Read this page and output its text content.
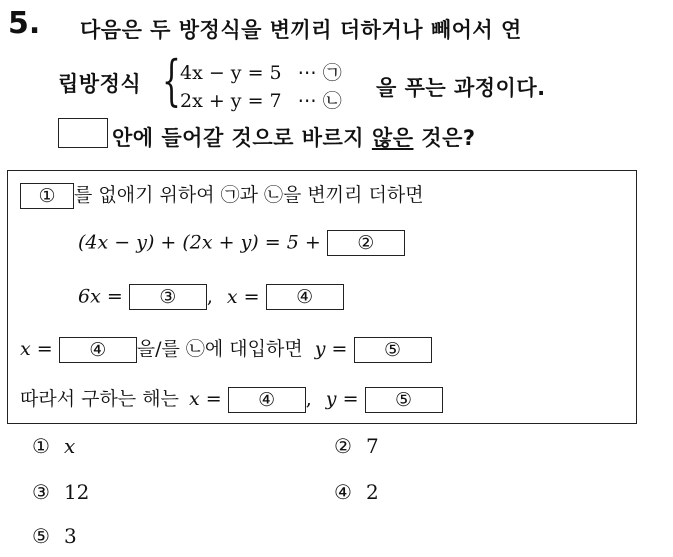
5. 다음은 두 방정식을 변끼리 더하거나 빼어서 연
립방정식 { 4x − y = 5 ⋯ ㉠
2x + y = 7 ⋯ ㉡
을 푸는 과정이다.
안에 들어갈 것으로 바르지 않은 것은?
① 를 없애기 위하여 ㉠과 ㉡을 변끼리 더하면
(4x − y) + (2x + y) = 5 + ②
6x = ③ , x = ④
x = ④ 을/를 ㉡에 대입하면 y = ⑤
따라서 구하는 해는 x = ④ , y = ⑤
① x	② 7
③ 12	④ 2
⑤ 3
